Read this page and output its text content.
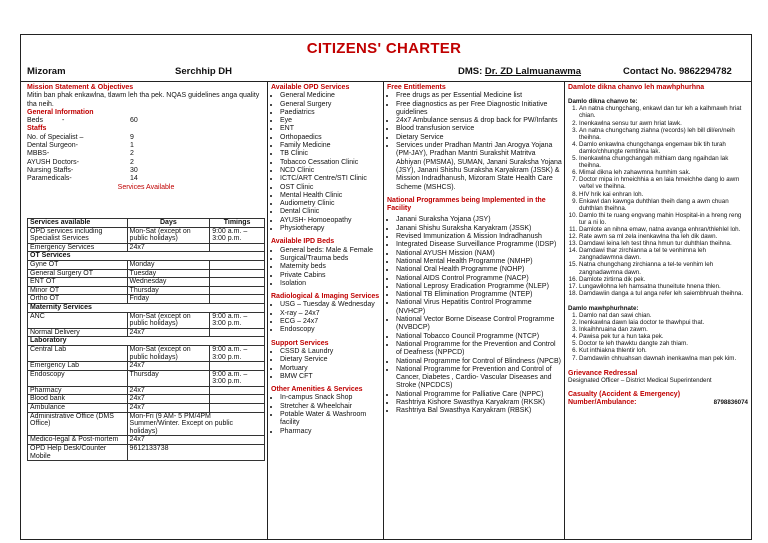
CITIZENS' CHARTER
Mizoram	Serchhip DH	DMS: Dr. ZD Lalmuanawma	Contact No. 9862294782
Mission Statement & Objectives
Mitin ban phak enkawlna, tlawm leh tha pek. NQAS guidelines anga quality tha neih.
General Information
Beds	-	60
Staffs
No. of Specialist –	9
Dental Surgeon-	1
MBBS-	2
AYUSH Doctors-	2
Nursing Staffs-	30
Paramedicals-	14
Services Available
Services available	Days	Timings
OPD services including Specialist Services	Mon-Sat (except on public holidays)	9:00 a.m. – 3:00 p.m.
Emergency Services	24x7	
OT Services		
Gyne OT	Monday	
General Surgery OT	Tuesday	
ENT OT	Wednesday	
Minor OT	Thursday	
Ortho OT	Friday	
Maternity Services		
ANC	Mon-Sat (except on public holidays)	9:00 a.m. – 3:00 p.m.
Normal Delivery	24x7	
Laboratory		
Central Lab	Mon-Sat (except on public holidays)	9:00 a.m. – 3:00 p.m.
Emergency Lab	24x7	
Endoscopy	Thursday	9:00 a.m. – 3:00 p.m.
Pharmacy	24x7	
Blood bank	24x7	
Ambulance	24x7	
Administrative Office (DMS Office)	Mon-Fri (9 AM- 5 PM/4PM Summer/Winter. Except on public holidays)	
Medico-legal & Post-mortem	24x7	
OPD Help Desk/Counter Mobile	9612133738	
Available OPD Services
• General Medicine
• General Surgery
• Paediatrics
• Eye
• ENT
• Orthopaedics
• Family Medicine
• TB Clinic
• Tobacco Cessation Clinic
• NCD Clinic
• ICTC/ART Centre/STI Clinic
• OST Clinic
• Mental Health Clinic
• Audiometry Clinic
• Dental Clinic
• AYUSH- Homoeopathy
• Physiotherapy
Available IPD Beds
• General beds: Male & Female
• Surgical/Trauma beds
• Maternity beds
• Private Cabins
• Isolation
Radiological & Imaging Services
• USG – Tuesday & Wednesday
• X-ray – 24x7
• ECG – 24x7
• Endoscopy
Support Services
• CSSD & Laundry
• Dietary Service
• Mortuary
• BMW CFT
Other Amenities & Services
• In-campus Snack Shop
• Stretcher & Wheelchair
• Potable Water & Washroom facility
• Pharmacy
Free Entitlements
• Free drugs as per Essential Medicine list
• Free diagnostics as per Free Diagnostic Initiative guidelines
• 24x7 Ambulance sensus & drop back for PW/Infants
• Blood transfusion service
• Dietary Service
• Services under Pradhan Mantri Jan Arogya Yojana (PM-JAY), Pradhan Mantri Surakshit Matritva Abhiyan (PMSMA), SUMAN, Janani Suraksha Yojana (JSY), Janani Shishu Suraksha Karyakram (JSSK) & Mission Indradhanush, Mizoram State Health Care Scheme (MSHCS).
National Programmes being Implemented in the Facility
• Janani Suraksha Yojana (JSY)
• Janani Shishu Suraksha Karyakram (JSSK)
• Revised Immunization & Mission Indradhanush
• Integrated Disease Surveillance Programme (IDSP)
• National AYUSH Mission (NAM)
• National Mental Health Programme (NMHP)
• National Oral Health Programme (NOHP)
• National AIDS Control Programme (NACP)
• National Leprosy Eradication Programme (NLEP)
• National TB Elimination Programme (NTEP)
• National Virus Hepatitis Control Programme (NVHCP)
• National Vector Borne Disease Control Programme (NVBDCP)
• National Tobacco Council Programme (NTCP)
• National Programme for the Prevention and Control of Deafness (NPPCD)
• National Programme for Control of Blindness (NPCB)
• National Programme for Prevention and Control of Cancer, Diabetes , Cardio- Vascular Diseases and Stroke (NPCDCS)
• National Programme for Palliative Care (NPPC)
• Rashtriya Kishore Swasthya Karyakram (RKSK)
• Rashtriya Bal Swasthya Karyakram (RBSK)
Damlote dikna chanvo leh mawhphurhna
Damlo dikna chanvo te:
1. An natna chungchang, enkawl dan tur leh a kalhmawh hriat chian.
2. Inenkawlna sensu tur awm hriat lawk.
3. An natna chungchang ziahna (records) leh bill dil/en/neih theihna.
4. Damlo enkawlna chungchanga engemaw bik tih turah damlo/chhungte remtihna lak.
5. Inenkawlna chungchangah mithiam dang ngaihdan lak theihna.
6. Mimal dikna leh zahawmna humhim sak.
7. Doctor mipa in hmeichhia a en laia hmeichhe dang lo awm ve/tel ve theihna.
8. HIV hrik kai enhran loh.
9. Enkawl dan kawnga duhthlan theih dang a awm chuan duhthlan theihna.
10. Damlo thi te ruang engvang mahin Hospital-in a hreng reng tur a ni lo.
11. Damlote an nihna emaw, natna avanga enhran/thlehlel loh.
12. Rate awm sa ml zela inenkawlna tha leh dik dawn.
13. Damdawi leina leh test tihna hmun tur duhthlan theihna.
14. Damdawi thar zirchianna a tel te venhimna leh zangnadawmna dawn.
15. Natna chungchang zirchianna a tel-te venhim leh zangnadawmna dawn.
16. Damlote zirtirna dik pek.
17. Lungawilohna leh hamsatna thuneitute hnena thlen.
18. Damdawiin danga a tul anga refer leh saiembhruah theihna.
Damlo mawhphurhnate:
1. Damlo nat dan sawi chian.
2. Inenkawlna dawn laia doctor te thawhpui that.
3. Inkaihhruaina dan zawm.
4. Pawisa pek tur a hun taka pek.
5. Doctor te leh thawktu dangte zah thiam.
6. Kut inthiakna thlentir loh.
7. Damdawiin chhuahsan dawnah inenkawlna man pek kim.
Grievance Redressal
Designated Officer – District Medical Superintendent
Casualty (Accident & Emergency) Number/Ambulance:	8798836074
